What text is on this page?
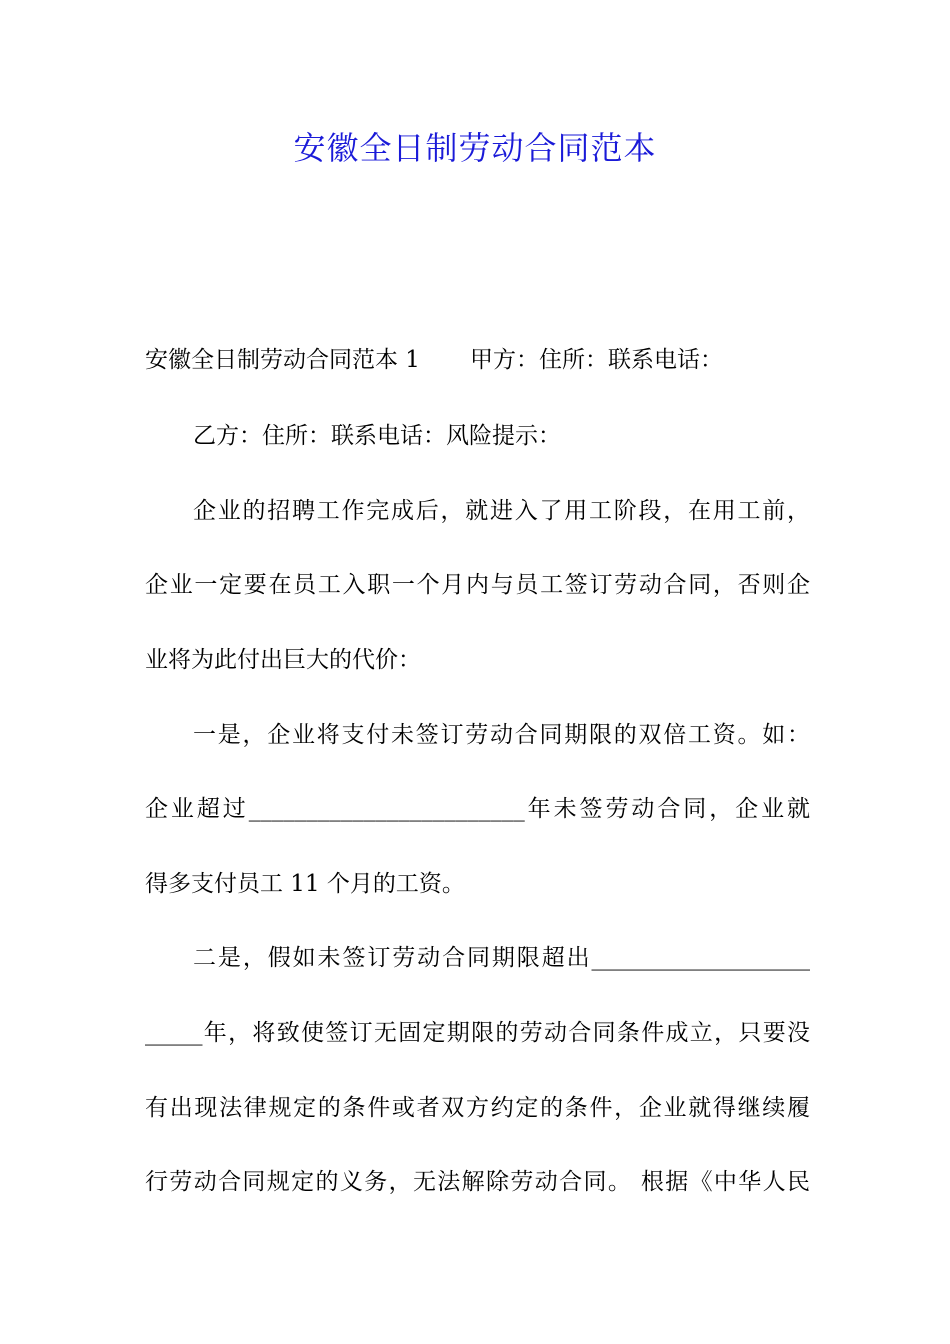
安徽全日制劳动合同范本
安徽全日制劳动合同范本 1 甲方：住所：联系电话：
乙方：住所：联系电话：风险提示：
企业的招聘工作完成后，就进入了用工阶段，在用工前，
企业一定要在员工入职一个月内与员工签订劳动合同，否则企
业将为此付出巨大的代价：
一是，企业将支付未签订劳动合同期限的双倍工资。如：
企业超过________________________年未签劳动合同，企业就
得多支付员工 11 个月的工资。
二是，假如未签订劳动合同期限超出___________________
_____年，将致使签订无固定期限的劳动合同条件成立，只要没
有出现法律规定的条件或者双方约定的条件，企业就得继续履
行劳动合同规定的义务，无法解除劳动合同。 根据《中华人民
